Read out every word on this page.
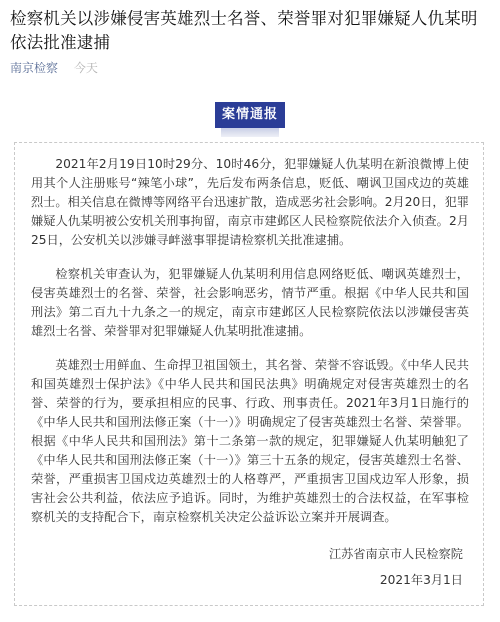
检察机关以涉嫌侵害英雄烈士名誉、荣誉罪对犯罪嫌疑人仇某明依法批准逮捕
南京检察 今天
案情通报

2021年2月19日10时29分、10时46分，犯罪嫌疑人仇某明在新浪微博上使用其个人注册账号“辣笔小球”，先后发布两条信息，贬低、嘲讽卫国戍边的英雄烈士。相关信息在微博等网络平台迅速扩散，造成恶劣社会影响。2月20日，犯罪嫌疑人仇某明被公安机关刑事拘留，南京市建邺区人民检察院依法介入侦查。2月25日，公安机关以涉嫌寻衅滋事罪提请检察机关批准逮捕。

检察机关审查认为，犯罪嫌疑人仇某明利用信息网络贬低、嘲讽英雄烈士，侵害英雄烈士的名誉、荣誉，社会影响恶劣，情节严重。根据《中华人民共和国刑法》第二百九十九条之一的规定，南京市建邺区人民检察院依法以涉嫌侵害英雄烈士名誉、荣誉罪对犯罪嫌疑人仇某明批准逮捕。

英雄烈士用鲜血、生命捍卫祖国领土，其名誉、荣誉不容诋毁。《中华人民共和国英雄烈士保护法》《中华人民共和国民法典》明确规定对侵害英雄烈士的名誉、荣誉的行为，要承担相应的民事、行政、刑事责任。2021年3月1日施行的《中华人民共和国刑法修正案（十一）》明确规定了侵害英雄烈士名誉、荣誉罪。根据《中华人民共和国刑法》第十二条第一款的规定，犯罪嫌疑人仇某明触犯了《中华人民共和国刑法修正案（十一）》第三十五条的规定，侵害英雄烈士名誉、荣誉，严重损害卫国戍边英雄烈士的人格尊严，严重损害卫国戍边军人形象，损害社会公共利益，依法应予追诉。同时，为维护英雄烈士的合法权益，在军事检察机关的支持配合下，南京检察机关决定公益诉讼立案并开展调查。

江苏省南京市人民检察院
2021年3月1日
